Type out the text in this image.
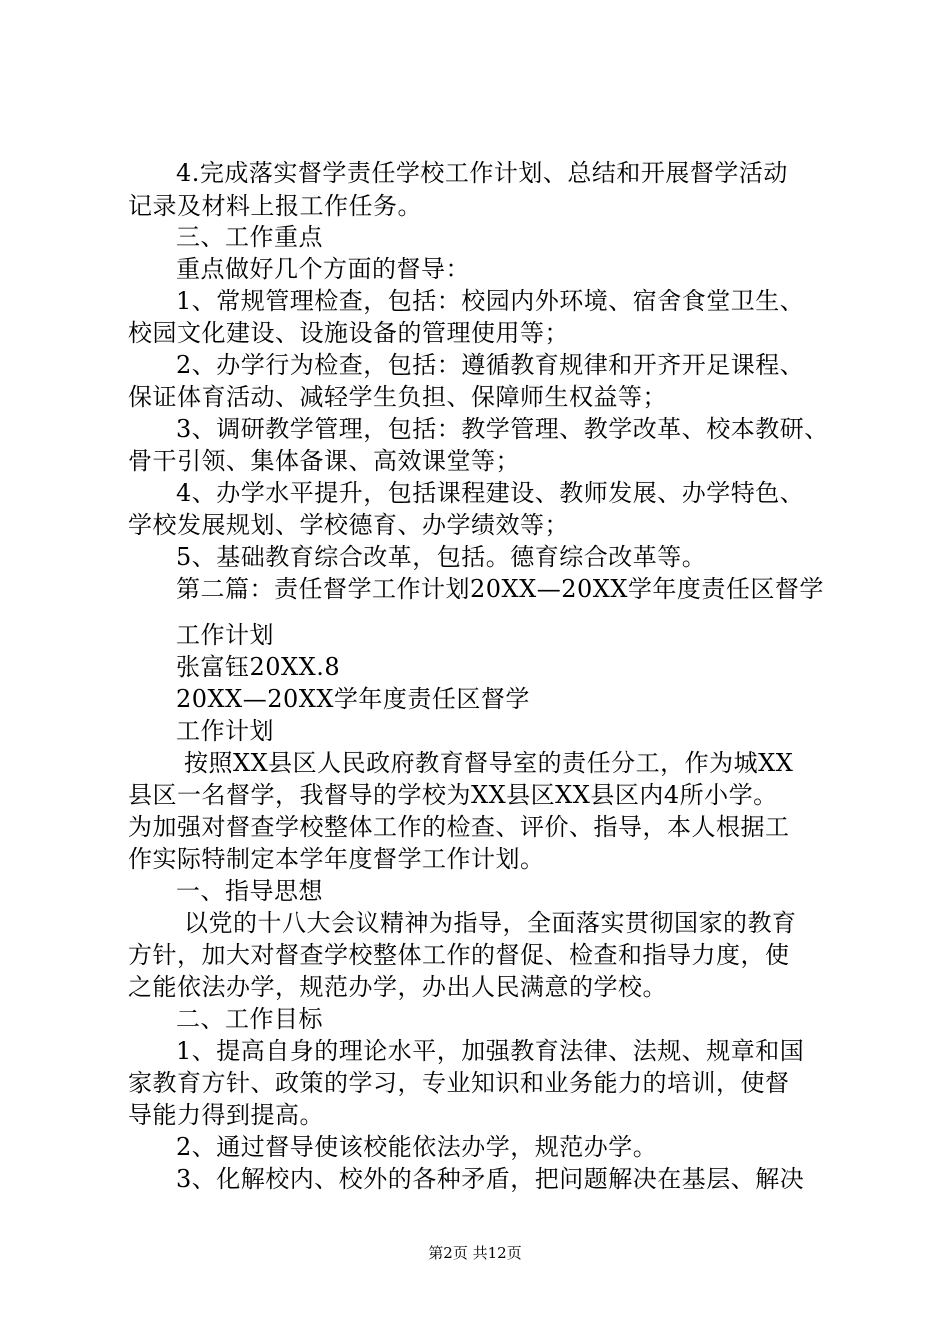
4.完成落实督学责任学校工作计划、总结和开展督学活动
记录及材料上报工作任务。
三、工作重点
重点做好几个方面的督导：
1、常规管理检查，包括：校园内外环境、宿舍食堂卫生、
校园文化建设、设施设备的管理使用等；
2、办学行为检查，包括：遵循教育规律和开齐开足课程、
保证体育活动、减轻学生负担、保障师生权益等；
3、调研教学管理，包括：教学管理、教学改革、校本教研、
骨干引领、集体备课、高效课堂等；
4、办学水平提升，包括课程建设、教师发展、办学特色、
学校发展规划、学校德育、办学绩效等；
5、基础教育综合改革，包括。德育综合改革等。
第二篇：责任督学工作计划20XX—20XX学年度责任区督学
工作计划
张富钰20XX.8
20XX—20XX学年度责任区督学
工作计划
按照XX县区人民政府教育督导室的责任分工，作为城XX
县区一名督学，我督导的学校为XX县区XX县区内4所小学。
为加强对督查学校整体工作的检查、评价、指导，本人根据工
作实际特制定本学年度督学工作计划。
一、指导思想
以党的十八大会议精神为指导，全面落实贯彻国家的教育
方针，加大对督查学校整体工作的督促、检查和指导力度，使
之能依法办学，规范办学，办出人民满意的学校。
二、工作目标
1、提高自身的理论水平，加强教育法律、法规、规章和国
家教育方针、政策的学习，专业知识和业务能力的培训，使督
导能力得到提高。
2、通过督导使该校能依法办学，规范办学。
3、化解校内、校外的各种矛盾，把问题解决在基层、解决
第2页 共12页
